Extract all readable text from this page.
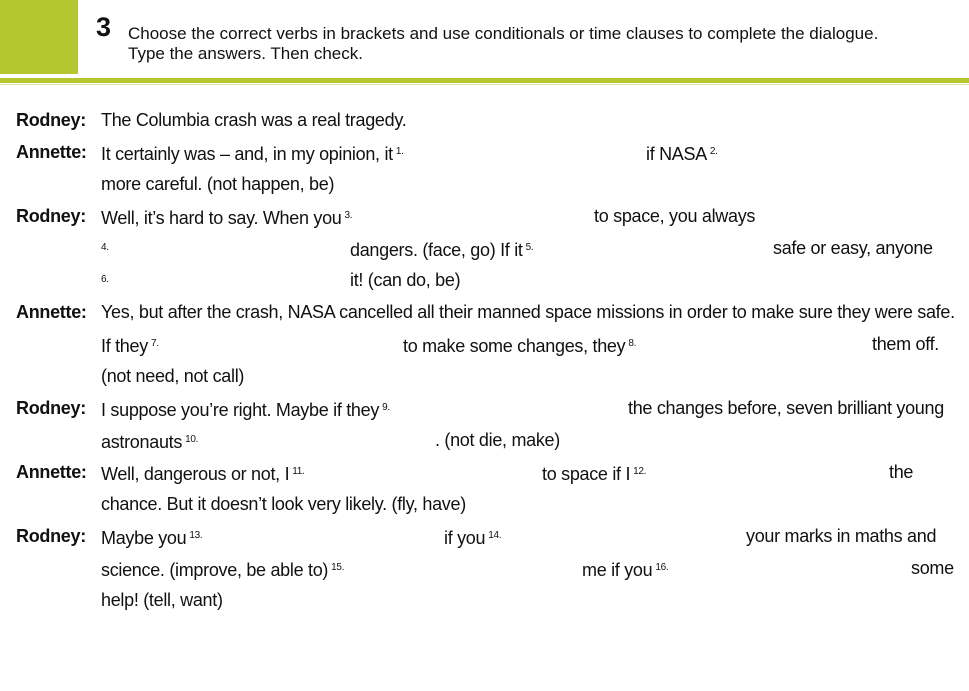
3 Choose the correct verbs in brackets and use conditionals or time clauses to complete the dialogue.
Type the answers. Then check.
Rodney: The Columbia crash was a real tragedy.
Annette: It certainly was – and, in my opinion, it $^{1.}$	if NASA $^{2.}$
more careful. (not happen, be)
Rodney: Well, it’s hard to say. When you $^{3.}$	to space, you always
$^{4.}$	dangers. (face, go) If it $^{5.}$	safe or easy, anyone
$^{6.}$	it! (can do, be)
Annette: Yes, but after the crash, NASA cancelled all their manned space missions in order to make sure they were safe.
If they $^{7.}$	to make some changes, they $^{8.}$	them off.
(not need, not call)
Rodney: I suppose you’re right. Maybe if they $^{9.}$	the changes before, seven brilliant young
astronauts $^{10.}$	. (not die, make)
Annette: Well, dangerous or not, I $^{11.}$	to space if I $^{12.}$	the
chance. But it doesn’t look very likely. (fly, have)
Rodney: Maybe you $^{13.}$	if you $^{14.}$	your marks in maths and
science. (improve, be able to) $^{15.}$	me if you $^{16.}$	some
help! (tell, want)
